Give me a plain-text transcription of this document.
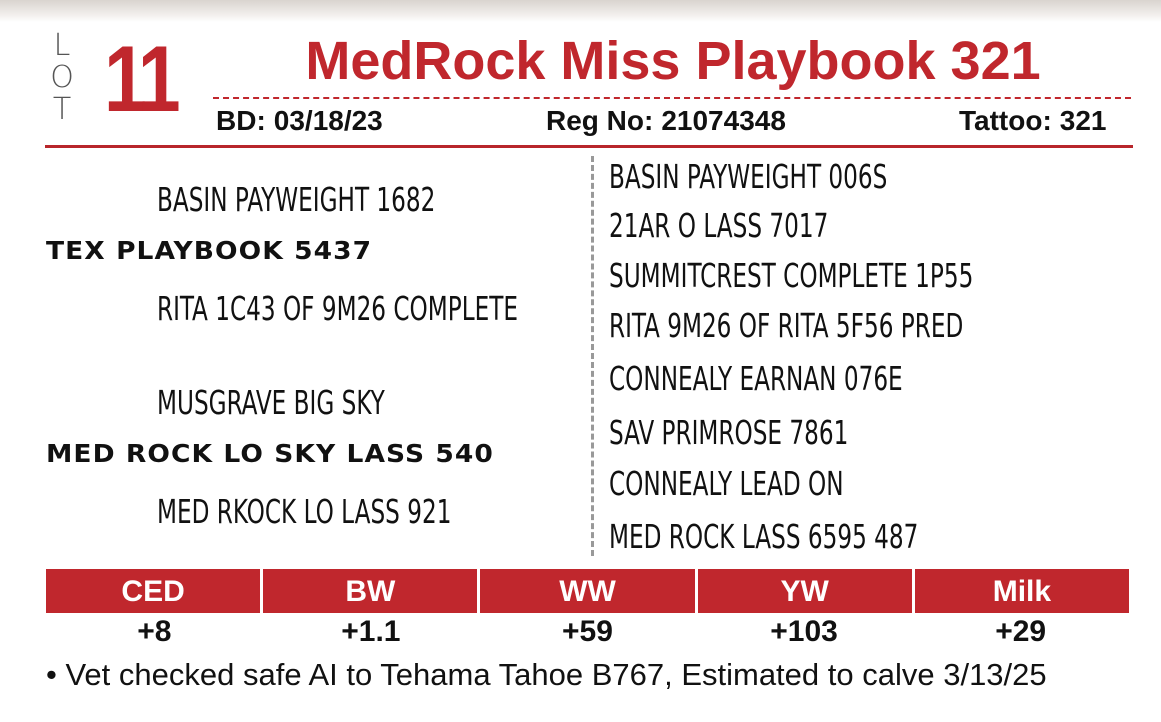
L
O
T 11	MedRock Miss Playbook 321
BD: 03/18/23	Reg No: 21074348	Tattoo: 321
BASIN PAYWEIGHT 1682
TEX PLAYBOOK 5437
RITA 1C43 OF 9M26 COMPLETE
MUSGRAVE BIG SKY
MED ROCK LO SKY LASS 540
MED RKOCK LO LASS 921
BASIN PAYWEIGHT 006S
21AR O LASS 7017
SUMMITCREST COMPLETE 1P55
RITA 9M26 OF RITA 5F56 PRED
CONNEALY EARNAN 076E
SAV PRIMROSE 7861
CONNEALY LEAD ON
MED ROCK LASS 6595 487
CED	BW	WW	YW	Milk
+8	+1.1	+59	+103	+29
• Vet checked safe AI to Tehama Tahoe B767, Estimated to calve 3/13/25
